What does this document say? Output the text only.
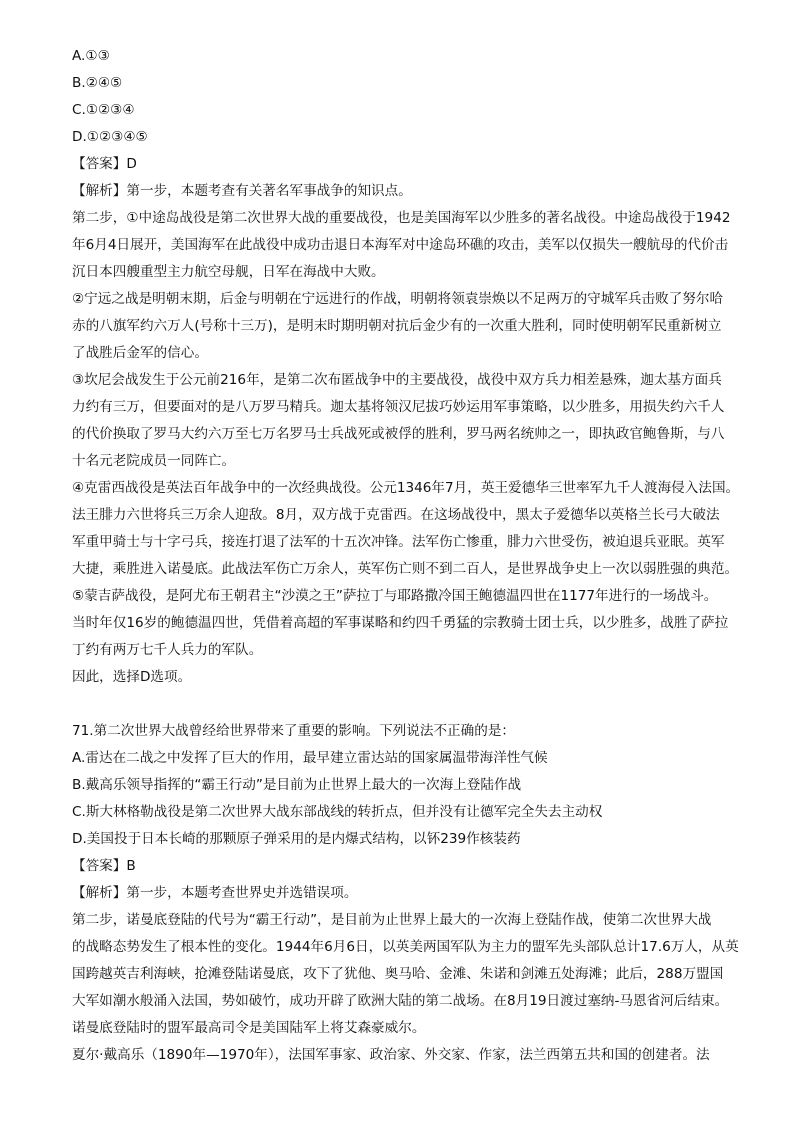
A.①③
B.②④⑤
C.①②③④
D.①②③④⑤
【答案】D
【解析】第一步，本题考查有关著名军事战争的知识点。
第二步，①中途岛战役是第二次世界大战的重要战役，也是美国海军以少胜多的著名战役。中途岛战役于1942
年6月4日展开，美国海军在此战役中成功击退日本海军对中途岛环礁的攻击，美军以仅损失一艘航母的代价击
沉日本四艘重型主力航空母舰，日军在海战中大败。
②宁远之战是明朝末期，后金与明朝在宁远进行的作战，明朝将领袁崇焕以不足两万的守城军兵击败了努尔哈
赤的八旗军约六万人(号称十三万)，是明末时期明朝对抗后金少有的一次重大胜利，同时使明朝军民重新树立
了战胜后金军的信心。
③坎尼会战发生于公元前216年，是第二次布匿战争中的主要战役，战役中双方兵力相差悬殊，迦太基方面兵
力约有三万，但要面对的是八万罗马精兵。迦太基将领汉尼拔巧妙运用军事策略，以少胜多，用损失约六千人
的代价换取了罗马大约六万至七万名罗马士兵战死或被俘的胜利，罗马两名统帅之一，即执政官鲍鲁斯，与八
十名元老院成员一同阵亡。
④克雷西战役是英法百年战争中的一次经典战役。公元1346年7月，英王爱德华三世率军九千人渡海侵入法国。
法王腓力六世将兵三万余人迎敌。8月，双方战于克雷西。在这场战役中，黑太子爱德华以英格兰长弓大破法
军重甲骑士与十字弓兵，接连打退了法军的十五次冲锋。法军伤亡惨重，腓力六世受伤，被迫退兵亚眠。英军
大捷，乘胜进入诺曼底。此战法军伤亡万余人，英军伤亡则不到二百人，是世界战争史上一次以弱胜强的典范。
⑤蒙吉萨战役，是阿尤布王朝君主“沙漠之王”萨拉丁与耶路撒冷国王鲍德温四世在1177年进行的一场战斗。
当时年仅16岁的鲍德温四世，凭借着高超的军事谋略和约四千勇猛的宗教骑士团士兵，以少胜多，战胜了萨拉
丁约有两万七千人兵力的军队。
因此，选择D选项。
71.第二次世界大战曾经给世界带来了重要的影响。下列说法不正确的是：
A.雷达在二战之中发挥了巨大的作用，最早建立雷达站的国家属温带海洋性气候
B.戴高乐领导指挥的“霸王行动”是目前为止世界上最大的一次海上登陆作战
C.斯大林格勒战役是第二次世界大战东部战线的转折点，但并没有让德军完全失去主动权
D.美国投于日本长崎的那颗原子弹采用的是内爆式结构，以钚239作核装药
【答案】B
【解析】第一步，本题考查世界史并选错误项。
第二步，诺曼底登陆的代号为“霸王行动”，是目前为止世界上最大的一次海上登陆作战，使第二次世界大战
的战略态势发生了根本性的变化。1944年6月6日，以英美两国军队为主力的盟军先头部队总计17.6万人，从英
国跨越英吉利海峡，抢滩登陆诺曼底，攻下了犹他、奥马哈、金滩、朱诺和剑滩五处海滩；此后，288万盟国
大军如潮水般涌入法国，势如破竹，成功开辟了欧洲大陆的第二战场。在8月19日渡过塞纳-马恩省河后结束。
诺曼底登陆时的盟军最高司令是美国陆军上将艾森豪威尔。
夏尔·戴高乐（1890年—1970年），法国军事家、政治家、外交家、作家，法兰西第五共和国的创建者。法
